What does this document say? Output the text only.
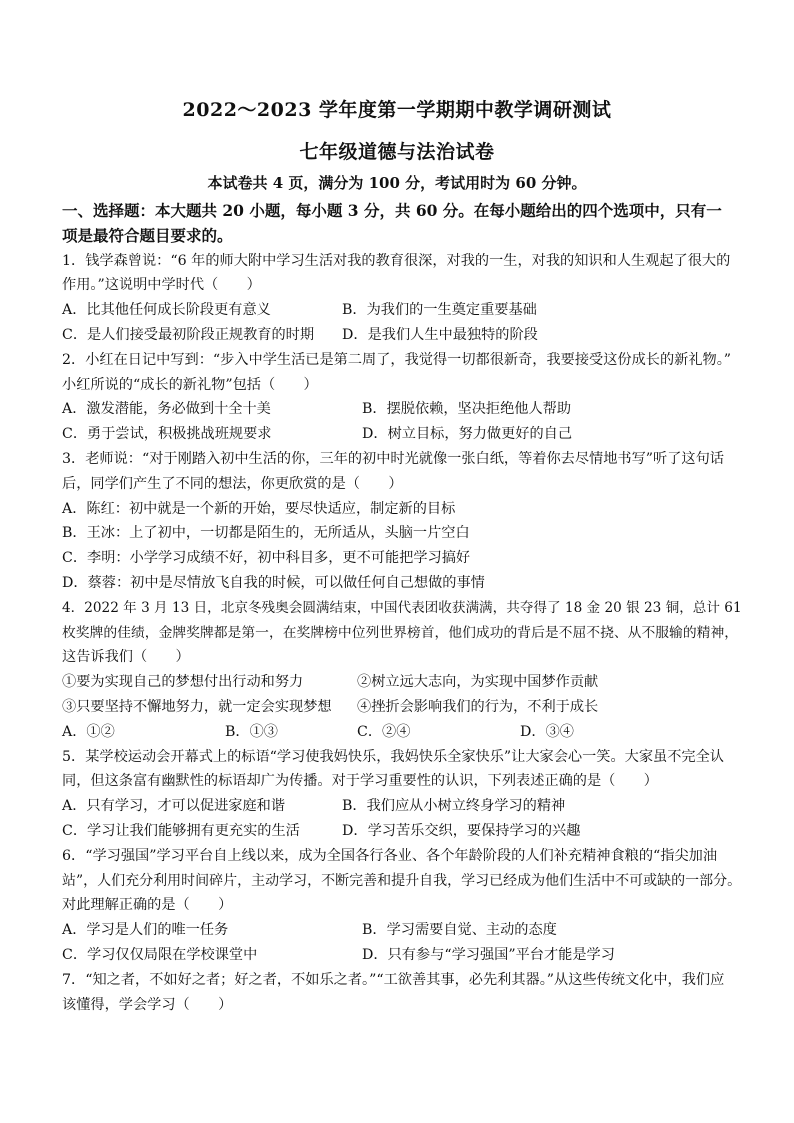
2022～2023 学年度第一学期期中教学调研测试
七年级道德与法治试卷
本试卷共 4 页，满分为 100 分，考试用时为 60 分钟。
一、选择题：本大题共 20 小题，每小题 3 分，共 60 分。在每小题给出的四个选项中，只有一
项是最符合题目要求的。
1．钱学森曾说：“6 年的师大附中学习生活对我的教育很深，对我的一生，对我的知识和人生观起了很大的
作用。”这说明中学时代（　　）
A．比其他任何成长阶段更有意义	B．为我们的一生奠定重要基础
C．是人们接受最初阶段正规教育的时期	D．是我们人生中最独特的阶段
2．小红在日记中写到：“步入中学生活已是第二周了，我觉得一切都很新奇，我要接受这份成长的新礼物。”
小红所说的“成长的新礼物”包括（　　）
A．激发潜能，务必做到十全十美	B．摆脱依赖，坚决拒绝他人帮助
C．勇于尝试，积极挑战班规要求	D．树立目标，努力做更好的自己
3．老师说：“对于刚踏入初中生活的你，三年的初中时光就像一张白纸，等着你去尽情地书写”听了这句话
后，同学们产生了不同的想法，你更欣赏的是（　　）
A．陈红：初中就是一个新的开始，要尽快适应，制定新的目标
B．王冰：上了初中，一切都是陌生的，无所适从，头脑一片空白
C．李明：小学学习成绩不好，初中科目多，更不可能把学习搞好
D．蔡蓉：初中是尽情放飞自我的时候，可以做任何自己想做的事情
4．2022 年 3 月 13 日，北京冬残奥会圆满结束，中国代表团收获满满，共夺得了 18 金 20 银 23 铜，总计 61
枚奖牌的佳绩，金牌奖牌都是第一，在奖牌榜中位列世界榜首，他们成功的背后是不屈不挠、从不服输的精神，
这告诉我们（　　）
①要为实现自己的梦想付出行动和努力	②树立远大志向，为实现中国梦作贡献
③只要坚持不懈地努力，就一定会实现梦想	④挫折会影响我们的行为，不利于成长
A．①②	B．①③	C．②④	D．③④
5．某学校运动会开幕式上的标语“学习使我妈快乐，我妈快乐全家快乐”让大家会心一笑。大家虽不完全认
同，但这条富有幽默性的标语却广为传播。对于学习重要性的认识，下列表述正确的是（　　）
A．只有学习，才可以促进家庭和谐	B．我们应从小树立终身学习的精神
C．学习让我们能够拥有更充实的生活	D．学习苦乐交织，要保持学习的兴趣
6．“学习强国”学习平台自上线以来，成为全国各行各业、各个年龄阶段的人们补充精神食粮的“指尖加油
站”，人们充分利用时间碎片，主动学习，不断完善和提升自我，学习已经成为他们生活中不可或缺的一部分。
对此理解正确的是（　　）
A．学习是人们的唯一任务	B．学习需要自觉、主动的态度
C．学习仅仅局限在学校课堂中	D．只有参与“学习强国”平台才能是学习
7．“知之者，不如好之者；好之者，不如乐之者。”“工欲善其事，必先利其器。”从这些传统文化中，我们应
该懂得，学会学习（　　）
